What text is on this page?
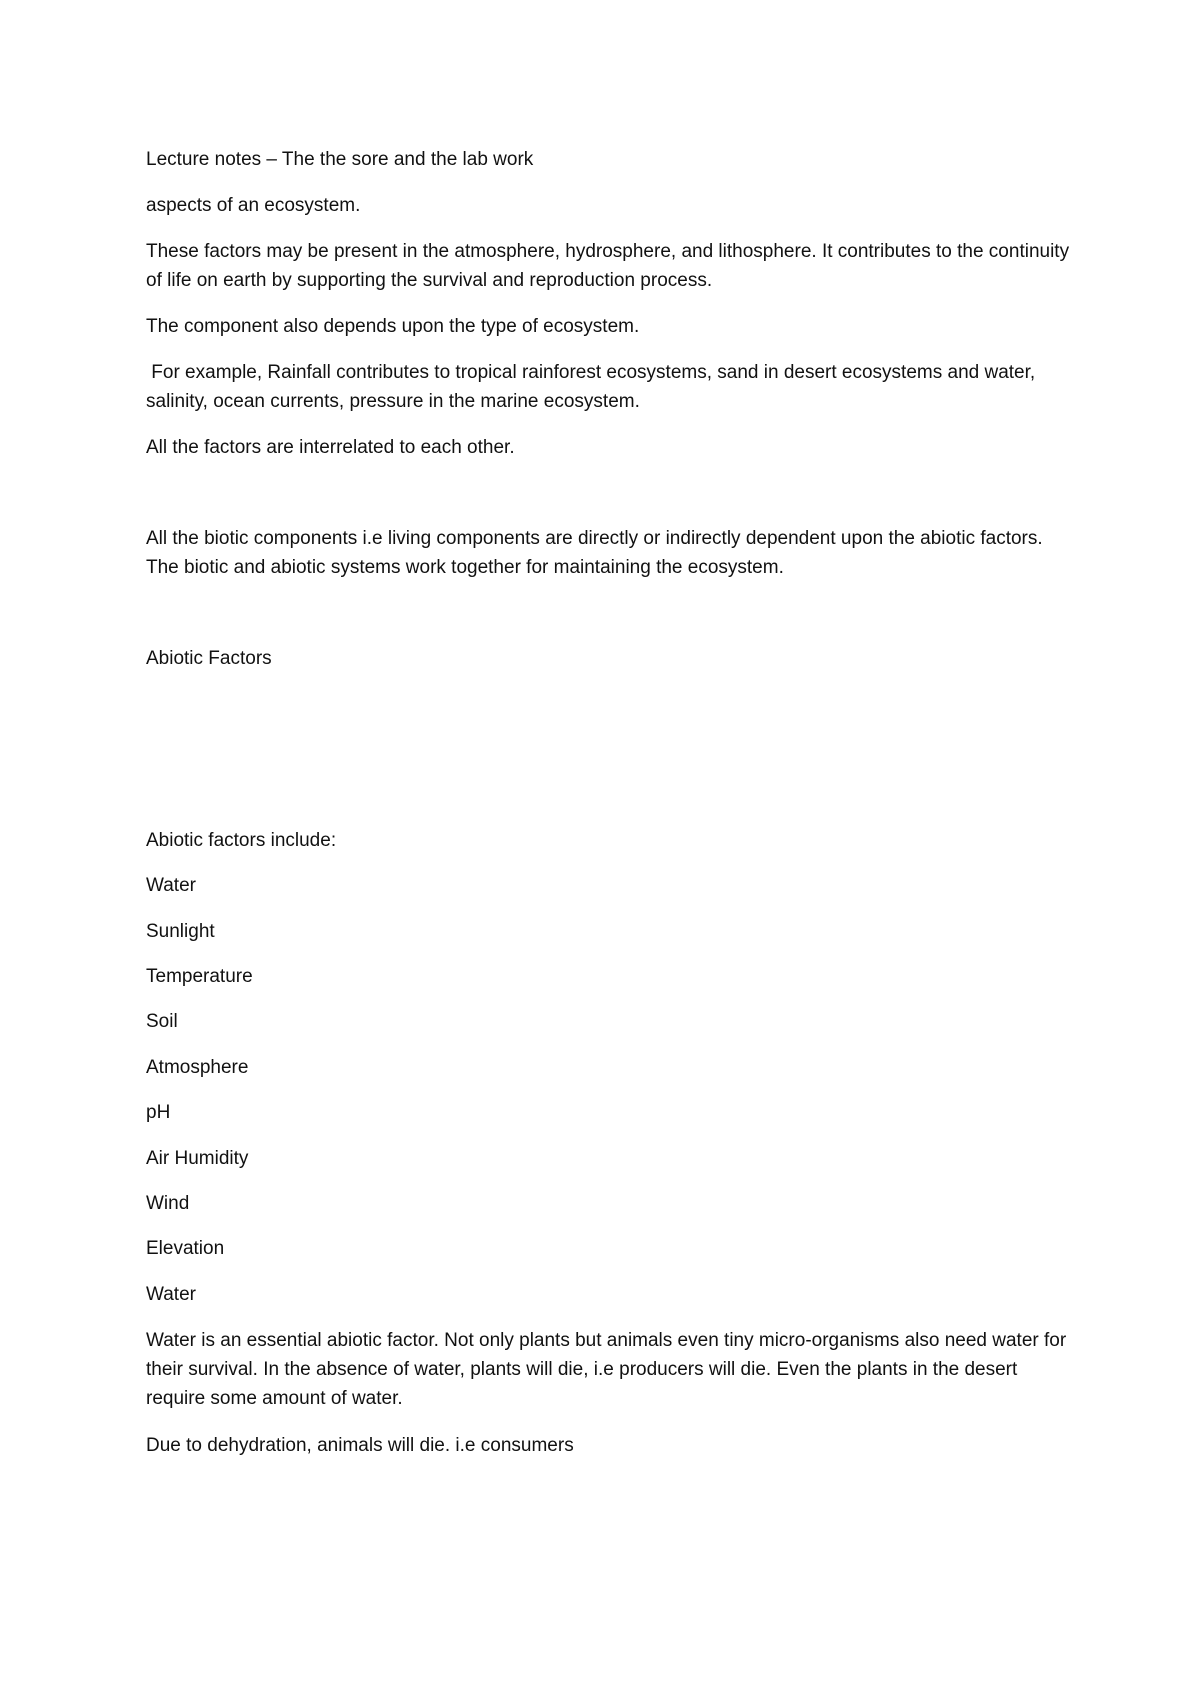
Lecture notes – The the sore and the lab work

aspects of an ecosystem.

These factors may be present in the atmosphere, hydrosphere, and lithosphere. It contributes to the continuity of life on earth by supporting the survival and reproduction process.

The component also depends upon the type of ecosystem.

For example, Rainfall contributes to tropical rainforest ecosystems, sand in desert ecosystems and water, salinity, ocean currents, pressure in the marine ecosystem.

All the factors are interrelated to each other.

All the biotic components i.e living components are directly or indirectly dependent upon the abiotic factors. The biotic and abiotic systems work together for maintaining the ecosystem.

Abiotic Factors

Abiotic factors include:

Water

Sunlight

Temperature

Soil

Atmosphere

pH

Air Humidity

Wind

Elevation

Water

Water is an essential abiotic factor. Not only plants but animals even tiny micro-organisms also need water for their survival. In the absence of water, plants will die, i.e producers will die. Even the plants in the desert require some amount of water.

Due to dehydration, animals will die. i.e consumers
